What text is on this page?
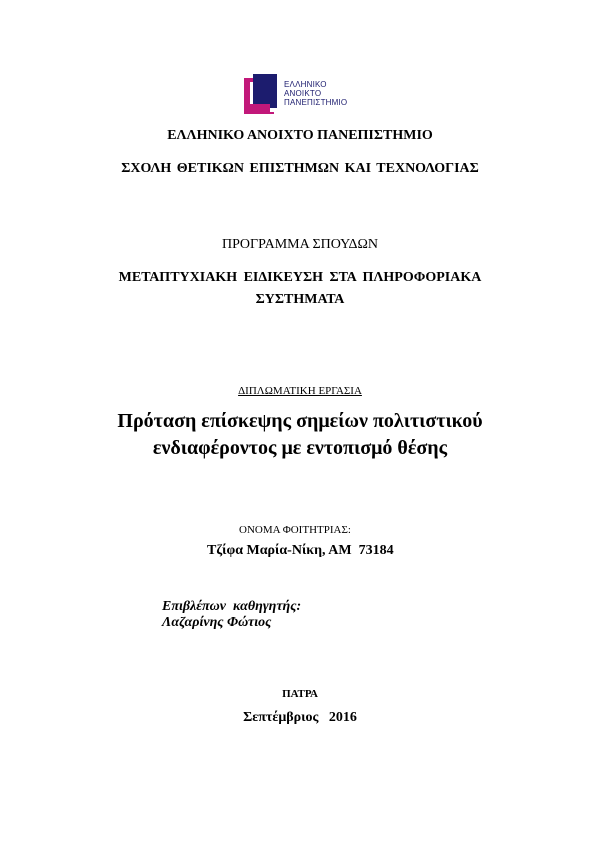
ΕΛΛΗΝΙΚΟ
ΑΝΟΙΚΤΟ
ΠΑΝΕΠΙΣΤΗΜΙΟ
ΕΛΛΗΝΙΚΟ ΑΝΟΙΧΤΟ ΠΑΝΕΠΙΣΤΗΜΙΟ
ΣΧΟΛΗ ΘΕΤΙΚΩΝ ΕΠΙΣΤΗΜΩΝ ΚΑΙ ΤΕΧΝΟΛΟΓΙΑΣ
ΠΡΟΓΡΑΜΜΑ ΣΠΟΥΔΩΝ
ΜΕΤΑΠΤΥΧΙΑΚΗ ΕΙΔΙΚΕΥΣΗ ΣΤΑ ΠΛΗΡΟΦΟΡΙΑΚΑ
ΣΥΣΤΗΜΑΤΑ
ΔΙΠΛΩΜΑΤΙΚΗ ΕΡΓΑΣΙΑ
Πρόταση επίσκεψης σημείων πολιτιστικού
ενδιαφέροντος με εντοπισμό θέσης
ΟΝΟΜΑ ΦΟΙΤΗΤΡΙΑΣ:
Τζίφα Μαρία-Νίκη, ΑΜ  73184

Επιβλέπων  καθηγητής:
Λαζαρίνης Φώτιος

ΠΑΤΡΑ
Σεπτέμβριος   2016
